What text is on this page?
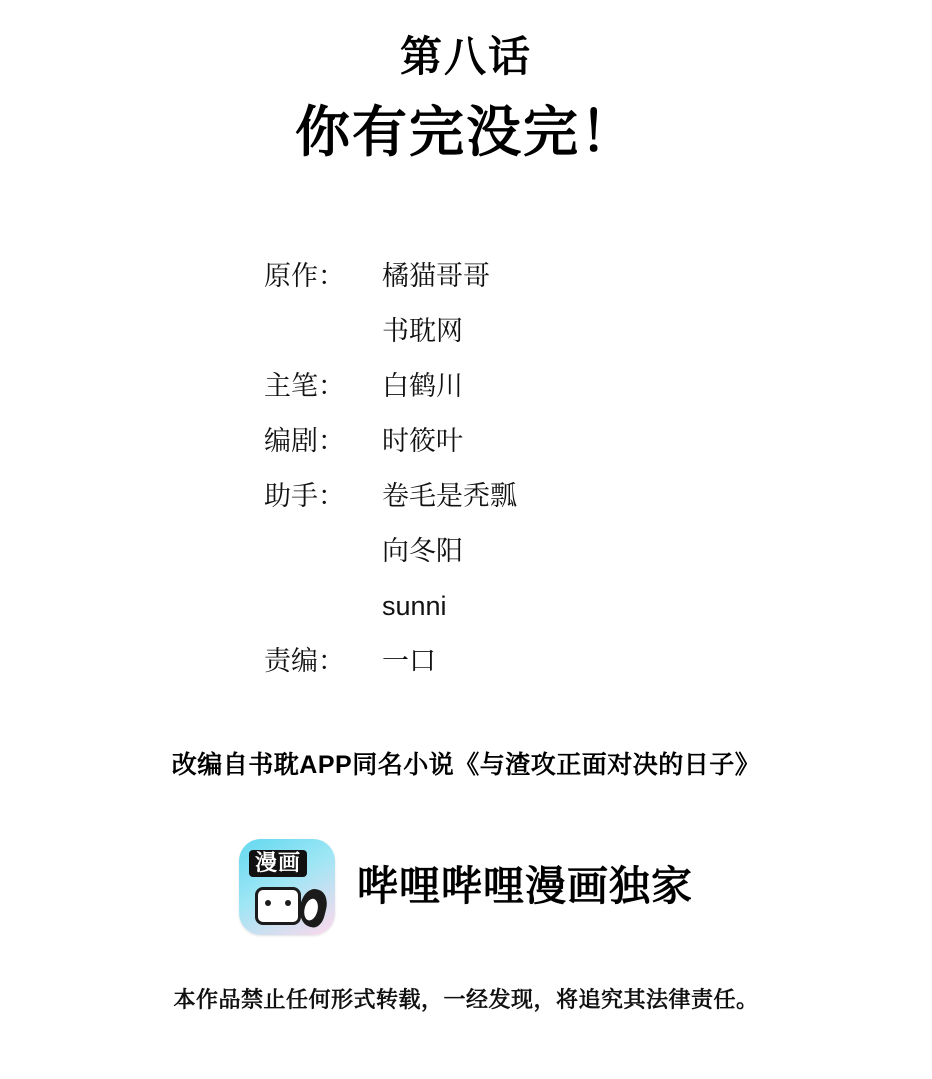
第八话
你有完没完！
原作：	橘猫哥哥
书耽网
主笔：	白鹤川
编剧：	时筱叶
助手：	卷毛是秃瓢
向冬阳
sunni
责编：	一口
改编自书耽APP同名小说《与渣攻正面对决的日子》
漫画
哔哩哔哩漫画独家
本作品禁止任何形式转载，一经发现，将追究其法律责任。
